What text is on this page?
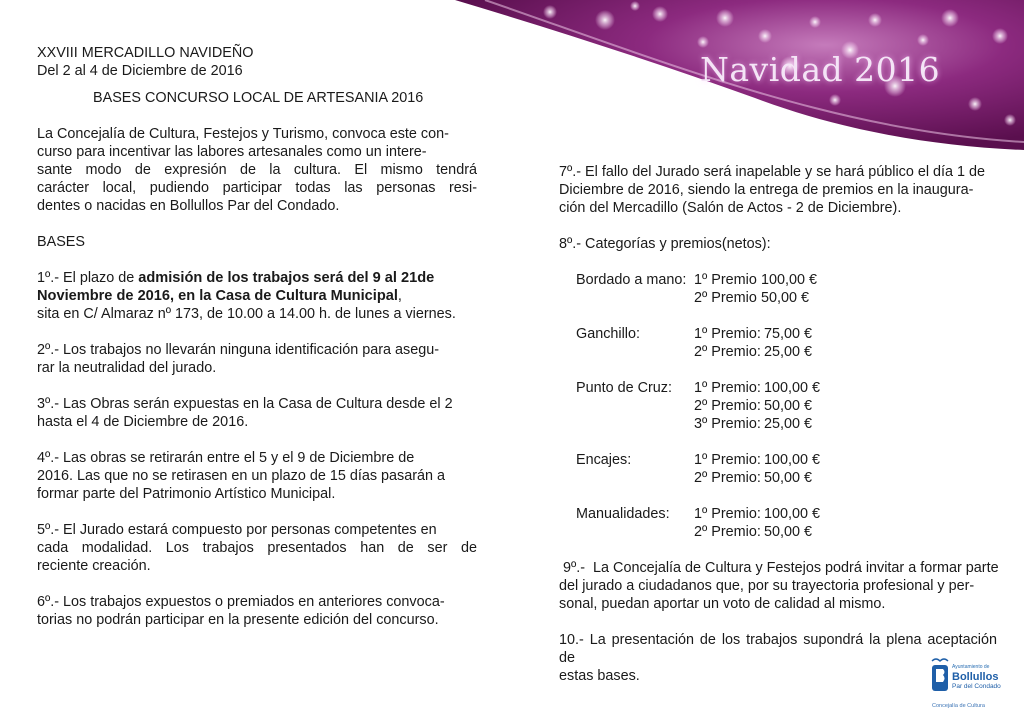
Navidad 2016

XXVIII MERCADILLO NAVIDEÑO

Del 2 al 4 de Diciembre de 2016

BASES CONCURSO LOCAL DE ARTESANIA 2016

La Concejalía de Cultura, Festejos y Turismo, convoca este con-

curso para incentivar las labores artesanales como un intere-

sante modo de expresión de la cultura. El mismo tendrá

carácter local, pudiendo participar todas las personas resi-

dentes o nacidas en Bollullos Par del Condado.

BASES

1º.- El plazo de admisión de los trabajos será del 9 al 21de

Noviembre de 2016, en la Casa de Cultura Municipal,

sita en C/ Almaraz nº 173, de 10.00 a 14.00 h. de lunes a viernes.

2º.- Los trabajos no llevarán ninguna identificación para asegu-

rar la neutralidad del jurado.

3º.- Las Obras serán expuestas en la Casa de Cultura desde el 2

hasta el 4 de Diciembre de 2016.

4º.- Las obras se retirarán entre el 5 y el 9 de Diciembre de

2016. Las que no se retirasen en un plazo de 15 días pasarán a

formar parte del Patrimonio Artístico Municipal.

5º.- El Jurado estará compuesto por personas competentes en

cada modalidad. Los trabajos presentados han de ser de

reciente creación.

6º.- Los trabajos expuestos o premiados en anteriores convoca-

torias no podrán participar en la presente edición del concurso.

7º.- El fallo del Jurado será inapelable y se hará público el día 1 de

Diciembre de 2016, siendo la entrega de premios en la inaugura-

ción del Mercadillo (Salón de Actos - 2 de Diciembre).

8º.- Categorías y premios(netos):

Bordado a mano: 1º Premio 100,00 €
2º Premio 50,00 €
Ganchillo:	1º Premio: 75,00 €
2º Premio: 25,00 €
Punto de Cruz:	1º Premio: 100,00 €
2º Premio: 50,00 €
3º Premio: 25,00 €
Encajes:	1º Premio: 100,00 €
2º Premio: 50,00 €
Manualidades:	1º Premio: 100,00 €
2º Premio: 50,00 €

9º.-  La Concejalía de Cultura y Festejos podrá invitar a formar parte

del jurado a ciudadanos que, por su trayectoria profesional y per-

sonal, puedan aportar un voto de calidad al mismo.

10.- La presentación de los trabajos supondrá la plena aceptación de

estas bases.

Ayuntamiento de
Bollullos
Par del Condado
Concejalía de Cultura
